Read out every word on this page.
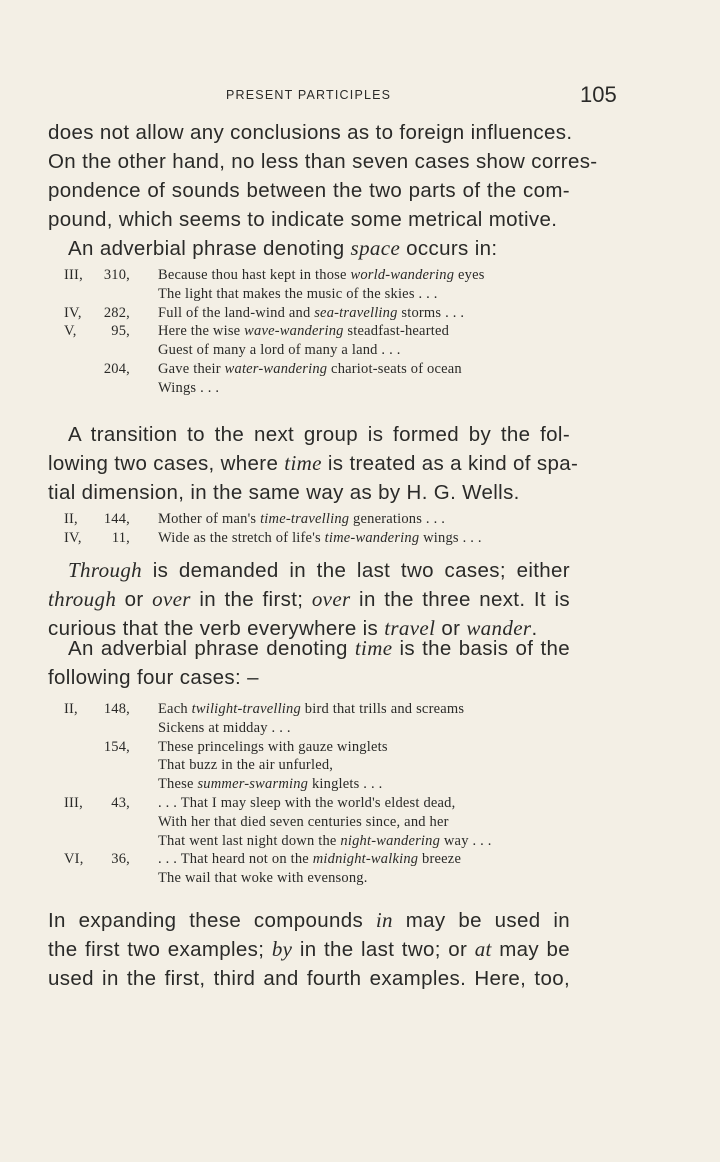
PRESENT PARTICIPLES	105
does not allow any conclusions as to foreign influences.
On the other hand, no less than seven cases show corres-
pondence of sounds between the two parts of the com-
pound, which seems to indicate some metrical motive.
An adverbial phrase denoting space occurs in:
III, 310,	Because thou hast kept in those world-wandering eyes
The light that makes the music of the skies . . .
IV, 282,	Full of the land-wind and sea-travelling storms . . .
V, 95,	Here the wise wave-wandering steadfast-hearted
Guest of many a lord of many a land . . .
204,	Gave their water-wandering chariot-seats of ocean
Wings . . .
A transition to the next group is formed by the fol-
lowing two cases, where time is treated as a kind of spa-
tial dimension, in the same way as by H. G. Wells.
II, 144,	Mother of man's time-travelling generations . . .
IV, 11,	Wide as the stretch of life's time-wandering wings . . .
Through is demanded in the last two cases; either
through or over in the first; over in the three next. It is
curious that the verb everywhere is travel or wander.
An adverbial phrase denoting time is the basis of the
following four cases: –
II, 148,	Each twilight-travelling bird that trills and screams
Sickens at midday . . .
154,	These princelings with gauze winglets
That buzz in the air unfurled,
These summer-swarming kinglets . . .
III, 43,	. . . That I may sleep with the world's eldest dead,
With her that died seven centuries since, and her
That went last night down the night-wandering way . . .
VI, 36,	. . . That heard not on the midnight-walking breeze
The wail that woke with evensong.
In expanding these compounds in may be used in
the first two examples; by in the last two; or at may be
used in the first, third and fourth examples. Here, too,
